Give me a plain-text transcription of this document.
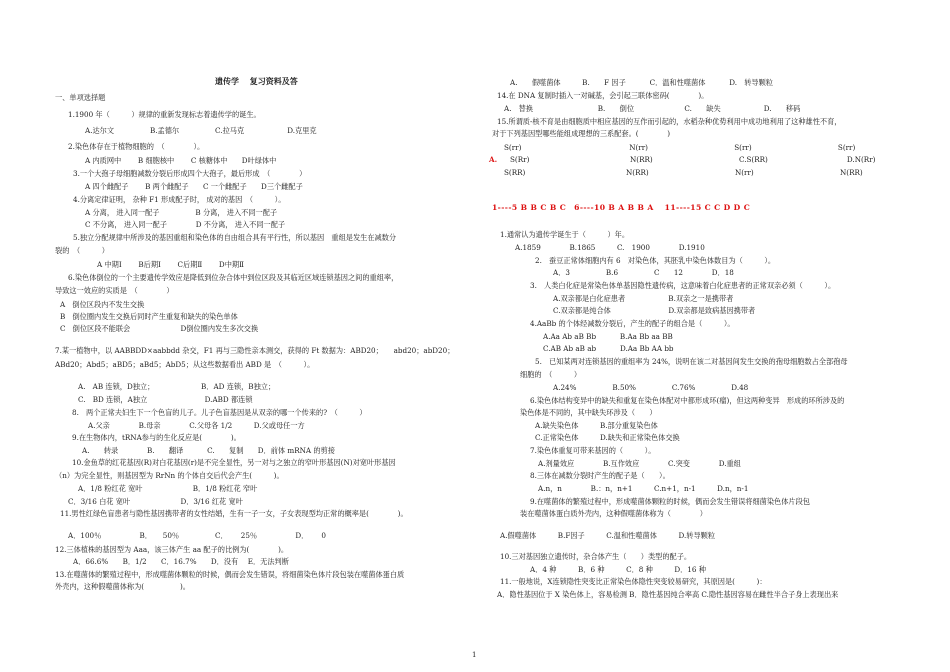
遗传学　 复习资料及答
一、单项选择题
1.1900 年（　　　）规律的重新发现标志着遗传学的诞生。
A.达尔文　　　　　B.孟德尔　　　　　C.拉马克　　　　　　D.克里克
2.染色体存在于植物细胞的　（　　　　）。
A 内质网中　　 B 细胞核中　　 C 核糖体中　　D叶绿体中
3.一个大孢子母细胞减数分裂后形成四个大孢子，最后形成　（　　　　）
A 四个雌配子　　 B 两个雌配子　　C 一个雌配子　　D三个雌配子
4.分离定律证明， 杂种 F1 形成配子时， 成对的基因　（　　　）。
A 分离， 进入同一配子　　　　　B 分离， 进入不同一配子
C 不分离， 进入同一配子　　　　D 不分离， 进入不同一配子
5.独立分配规律中所涉及的基因重组和染色体的自由组合具有平行性，所以基因　重组是发生在减数分
裂的　（　　　）
A 中期Ⅰ　　 B后期Ⅰ　　 C后期Ⅱ　　 D中期Ⅱ
6.染色体倒位的一个主要遗传学效应是降低到位杂合体中到位区段及其临近区域连锁基因之间的重组率，
导致这一效应的实质是　（　　　　）
A　倒位区段内不发生交换
B　倒位圈内发生交换后同时产生重复和缺失的染色单体
C　倒位区段不能联会　　　　　　　D倒位圈内发生多次交换
7.某一植物中，以 AABBDD×aabbdd 杂交，F1 再与三隐性亲本测交，获得的 Ft 数据为：ABD20；　　abd20；abD20；
ABd20；Abd5；aBD5；aBd5；AbD5；从这些数据看出 ABD 是　（　　　）。
A.　AB 连锁，D独立；　　　　　　　B．AD 连锁，B独立；
C.　BD 连锁，A独立　　　　　　　　D.ABD 都连锁
8.　两个正常夫妇生下一个色盲的儿子。儿子色盲基因是从双亲的哪一个传来的?　（　　　）
A.父亲　　　　B.母亲　　　　C.父母各 1/2　　　D.父或母任一方
9.在生物体内，tRNA参与的生化反应是(　　　　)。
A.　　转录　　　　B.　　翻译　　　 C.　　复制　　D．前体 mRNA 的剪接
10.金鱼草的红花基因(R)对白花基因(r)是不完全显性，另一对与之独立的窄叶形基因(N)对宽叶形基因
（n）为完全显性，则基因型为 RrNn 的个体自交后代会产生(　　　)。
A．1/8 粉红花 宽叶　　　　　　　B．1/8 粉红花 窄叶
C．3/16 白花 宽叶　　　　　　　D．3/16 红花 宽叶
11.男性红绿色盲患者与隐性基因携带者的女性结婚，生有一子一女，子女表现型均正常的概率是(　　　　)。
A．100％　　　　　 B．　　50％　　　　　C．　　 25％　　　　　 D．　　 0
12.三体植株的基因型为 Aaa，该三体产生 aa 配子的比例为(　　　　)。
A．66.6%　　B．1/2　　C．16.7%　　D．没有　 E．无法判断
13.在噬菌体的繁殖过程中，形成噬菌体颗粒的时候，偶而会发生错误，将细菌染色体片段包装在噬菌体蛋白质
外壳内，这种假噬菌体称为(　　　　　)。
A.
A.　　假噬菌体　　　B.　　F 因子　　　 C．温和性噬菌体　　　 D.　转导颗粒
14.在 DNA 复制时插入一对碱基，会引起三联体密码(　　　　)。
A.　替换　　　　　　　　　B.　　倒位　　　　　　　C.　　缺失　　　　　　D.　　移码
15.所谓质-核不育是由细胞质中相应基因的互作而引起的，水稻杂种优势利用中成功地利用了这种雄性不育，
对于下列基因型哪些能组成理想的三系配套。(　　　　)
S(rr)　　　　　　　　　　　　　　　N(rr)　　　　　　　　　　　　S(rr)　　　　　　　　　　　　S(rr)
S(Rr)　　　　　　　　　　　　　　N(RR)　　　　　　　　　　　　C.S(RR)　　　　　　　　　　　D.N(Rr)
S(RR)　　　　　　　　　　　　　　N(RR)　　　　　　　　　　　　N(rr)　　　　　　　　　　　　N(RR)
1----5 B B C B C　6----10 B A B B A　 11----15 C C D D C
1.通常认为遗传学诞生于（　　　）年。
A.1859　　　　B.1865　　　C.　1900　　　　D.1910
2.　蚕豆正常体细胞内有 6　对染色体，其胚乳中染色体数目为（　　　）。
A．3　　　　　B.6　　　　　C　　12　　　　D．18
3.　人类白化症是常染色体单基因隐性遗传病，这意味着白化症患者的正常双亲必须（　　　）。
A.双亲都是白化症患者　　　　　　B.双亲之一是携带者
C.双亲都是纯合体　　　　　　　　D.双亲都是致病基因携带者
4.AaBb 的个体经减数分裂后，产生的配子的组合是（　　　）。
A.Aa Ab aB Bb　　　 B.Aa Bb aa BB
C.AB Ab aB ab　　　 D.Aa Bb AA bb
5.　已知某两对连锁基因的重组率为 24%，说明在该二对基因间发生交换的孢母细胞数占全部孢母
细胞的　（　　　）
A.24%　　　　　B.50%　　　　　C.76%　　　　　D.48
6.染色体结构变异中的缺失和重复在染色体配对中都形成环(瘤)，但这两种变异　形成的环所涉及的
染色体是不同的，其中缺失环涉及（　　）
A.缺失染色体　　　B.部分重复染色体
C.正常染色体　　　D.缺失和正常染色体交换
7.染色体重复可带来基因的（　　　）。
A.剂量效应　　　　B.互作效应　　　　C.突变　　　　D.重组
8.三体在减数分裂时产生的配子是（　　）。
A.n，n　　　　B.：n，n+1　　　C.n+1，n-1　　　D.n，n-1
9.在噬菌体的繁殖过程中，形成噬菌体颗粒的时候，偶而会发生错误将细菌染色体片段包
装在噬菌体蛋白质外壳内，这种假噬菌体称为（　　　　）
A.假噬菌体　　　B.F因子　　　C.温和性噬菌体　　　D.转导颗粒
10.三对基因独立遗传时，杂合体产生（　　）类型的配子。
A．4 种　　　B．6 种　　　C．8 种　　　D．16 种
11.一般地说，X连锁隐性突变比正常染色体隐性突变较易研究，其原因是(　　　)：
A．隐性基因位于 X 染色体上，容易检测 B．隐性基因纯合率高 C.隐性基因容易在雌性半合子身上表现出来
1
